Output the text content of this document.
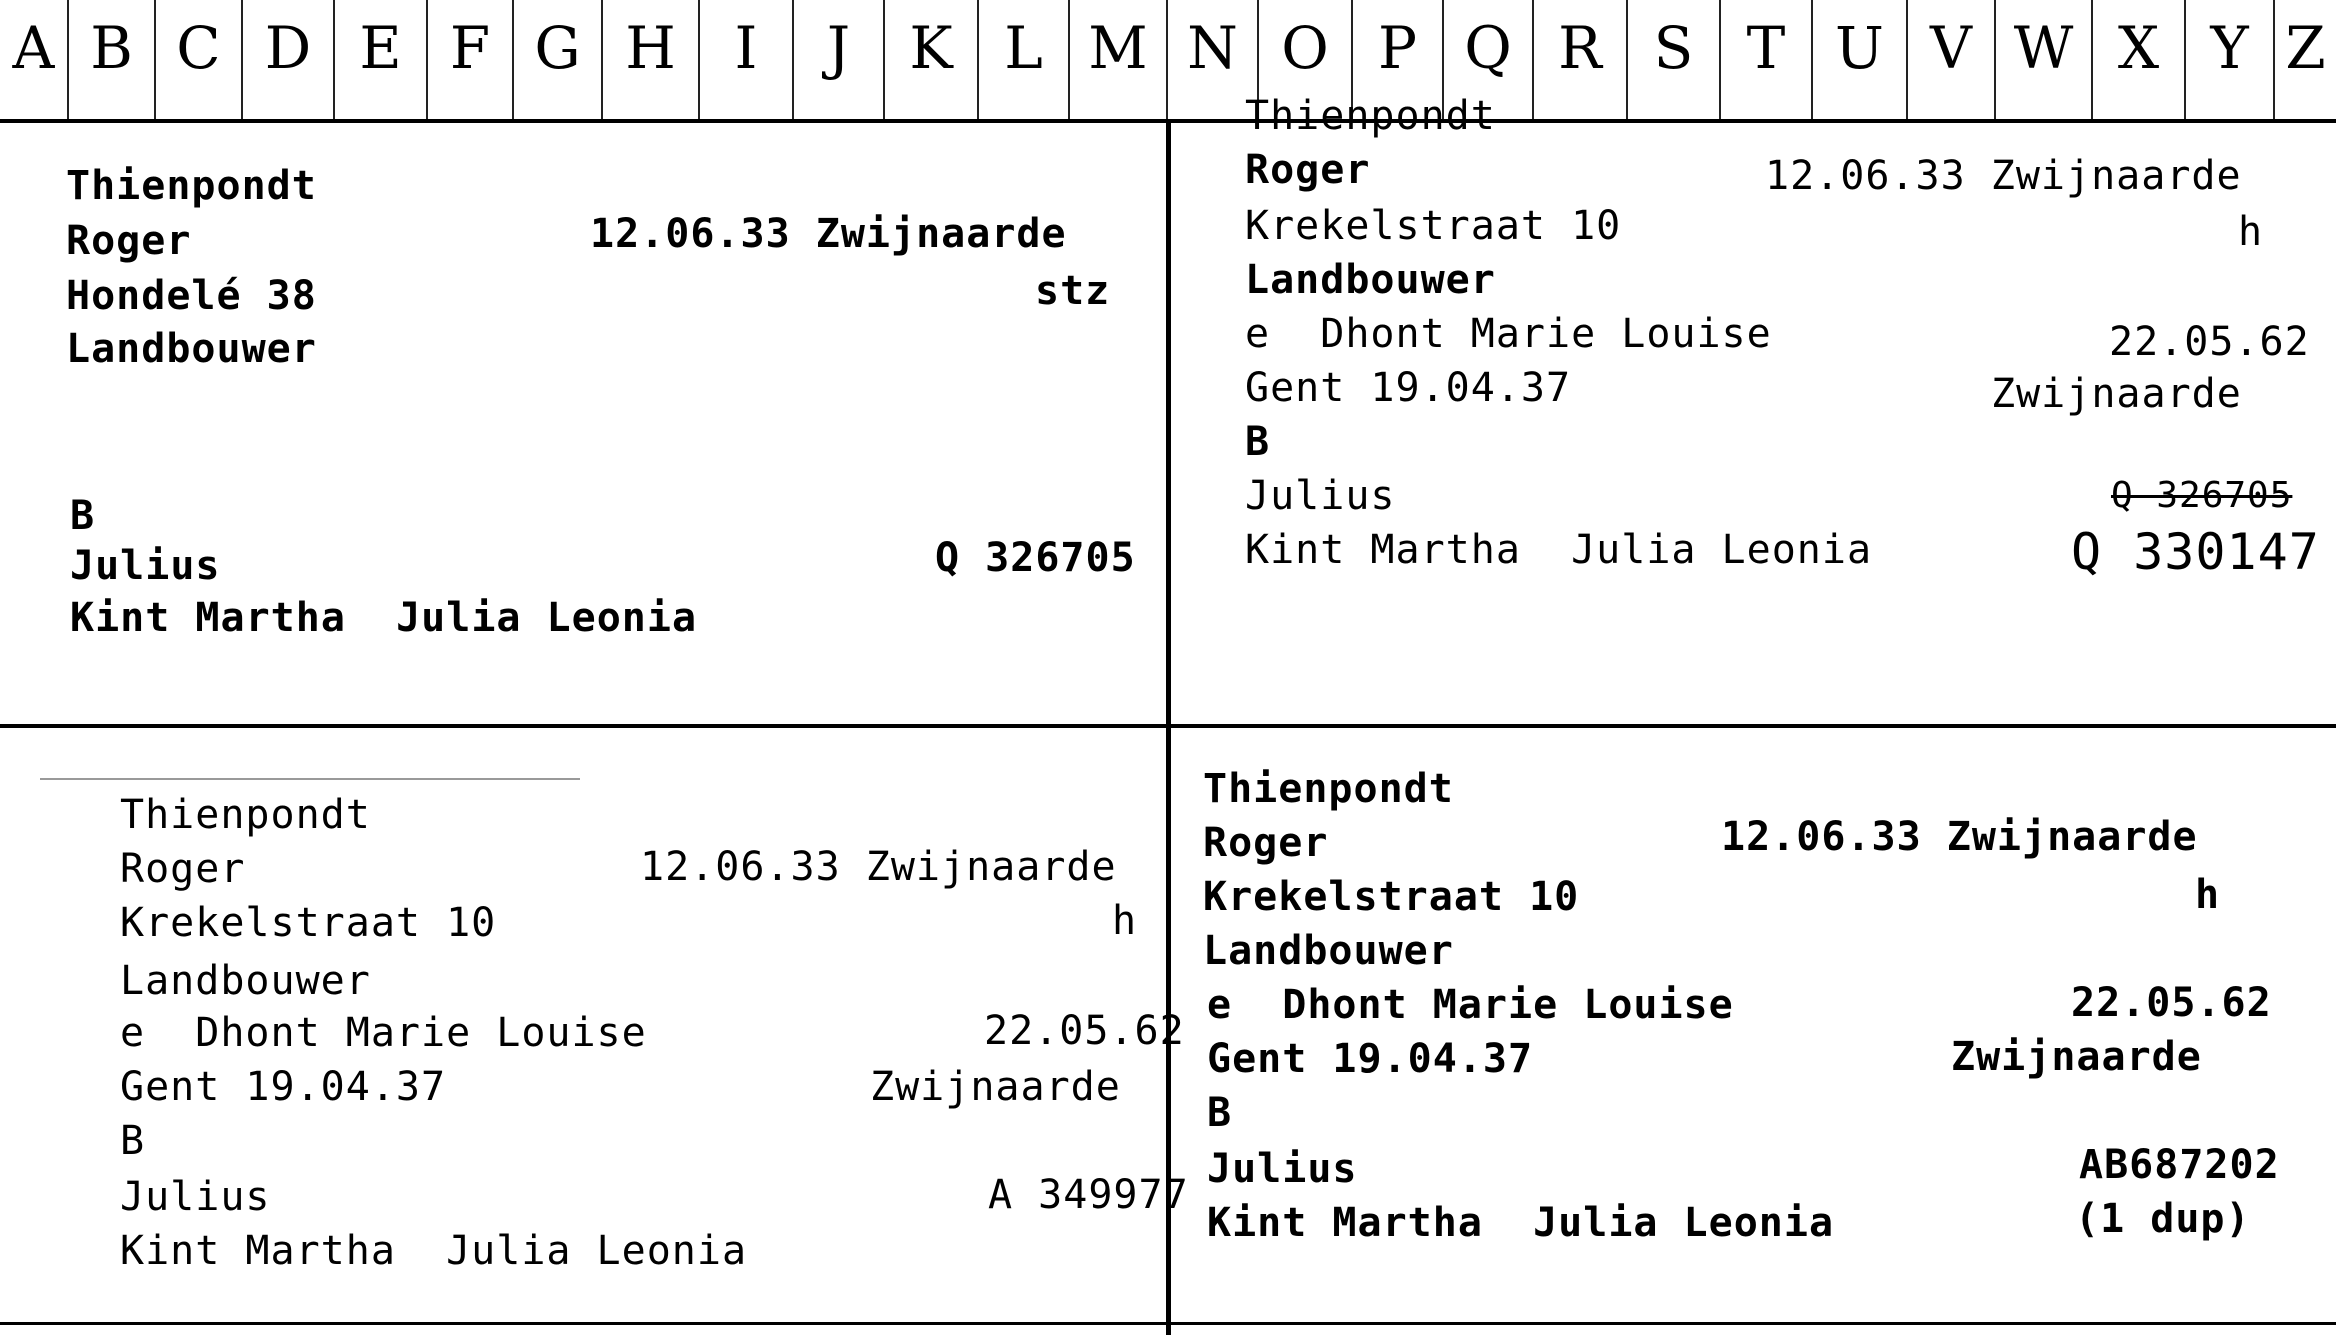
A B C D E F G H	I	J	K L M N O P Q R S T U V W X Y Z
Thienpondt
Roger	12.06.33 Zwijnaarde
Hondelé 38	stz
Landbouwer
B
Julius	Q 326705
Kint Martha  Julia Leonia
Thienpondt
Roger	12.06.33 Zwijnaarde
Krekelstraat 10	h
Landbouwer
e  Dhont Marie Louise	22.05.62
Gent 19.04.37	Zwijnaarde
B
Julius	Q 326705
Kint Martha  Julia Leonia	Q 330147
Thienpondt
Roger	12.06.33 Zwijnaarde
Krekelstraat 10	h
Landbouwer
e  Dhont Marie Louise	22.05.62
Gent 19.04.37	Zwijnaarde
B
Julius	A 349977
Kint Martha  Julia Leonia
Thienpondt
Roger	12.06.33 Zwijnaarde
Krekelstraat 10	h
Landbouwer
e  Dhont Marie Louise	22.05.62
Gent 19.04.37	Zwijnaarde
B
Julius	AB687202
Kint Martha  Julia Leonia	(1 dup)
